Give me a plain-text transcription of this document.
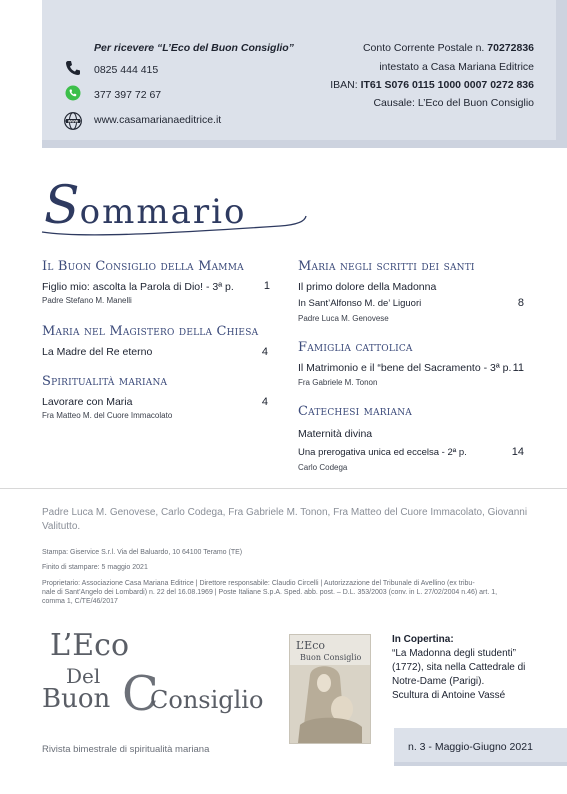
Per ricevere “L’Eco del Buon Consiglio”
0825 444 415
377 397 72 67
WWW www.casamarianaeditrice.it
Conto Corrente Postale n. 70272836
intestato a Casa Mariana Editrice
IBAN: IT61 S076 0115 1000 0007 0272 836
Causale: L’Eco del Buon Consiglio
Sommario
Il Buon Consiglio della Mamma
Figlio mio: ascolta la Parola di Dio! - 3ª p.	1
Padre Stefano M. Manelli
Maria nel Magistero della Chiesa
La Madre del Re eterno	4
Spiritualità mariana
Lavorare con Maria	4
Fra Matteo M. del Cuore Immacolato
Maria negli scritti dei santi
Il primo dolore della Madonna
In Sant’Alfonso M. de’ Liguori	8
Padre Luca M. Genovese
Famiglia cattolica
Il Matrimonio e il “bene del Sacramento - 3ª p. 11
Fra Gabriele M. Tonon
Catechesi mariana
Maternità divina
Una prerogativa unica ed eccelsa - 2ª p.	14
Carlo Codega
Padre Luca M. Genovese, Carlo Codega, Fra Gabriele M. Tonon, Fra Matteo del Cuore Immacolato, Giovanni Valitutto.
Stampa: Giservice S.r.l. Via del Baluardo, 10 64100 Teramo (TE)
Finito di stampare: 5 maggio 2021
Proprietario: Associazione Casa Mariana Editrice | Direttore responsabile: Claudio Circelli | Autorizzazione del Tribunale di Avellino (ex tribu-
nale di Sant’Angelo dei Lombardi) n. 22 del 16.08.1969 | Poste Italiane S.p.A. Sped. abb. post. – D.L. 353/2003 (conv. in L. 27/02/2004 n.46) art. 1,
comma 1, C/TE/46/2017
L’Eco
Del
Buon C
Consiglio
Rivista bimestrale di spiritualità mariana
L’Eco
Buon Consiglio
In Copertina:
“La Madonna degli studenti”
(1772), sita nella Cattedrale di
Notre-Dame (Parigi).
Scultura di Antoine Vassé
n. 3 - Maggio-Giugno 2021
